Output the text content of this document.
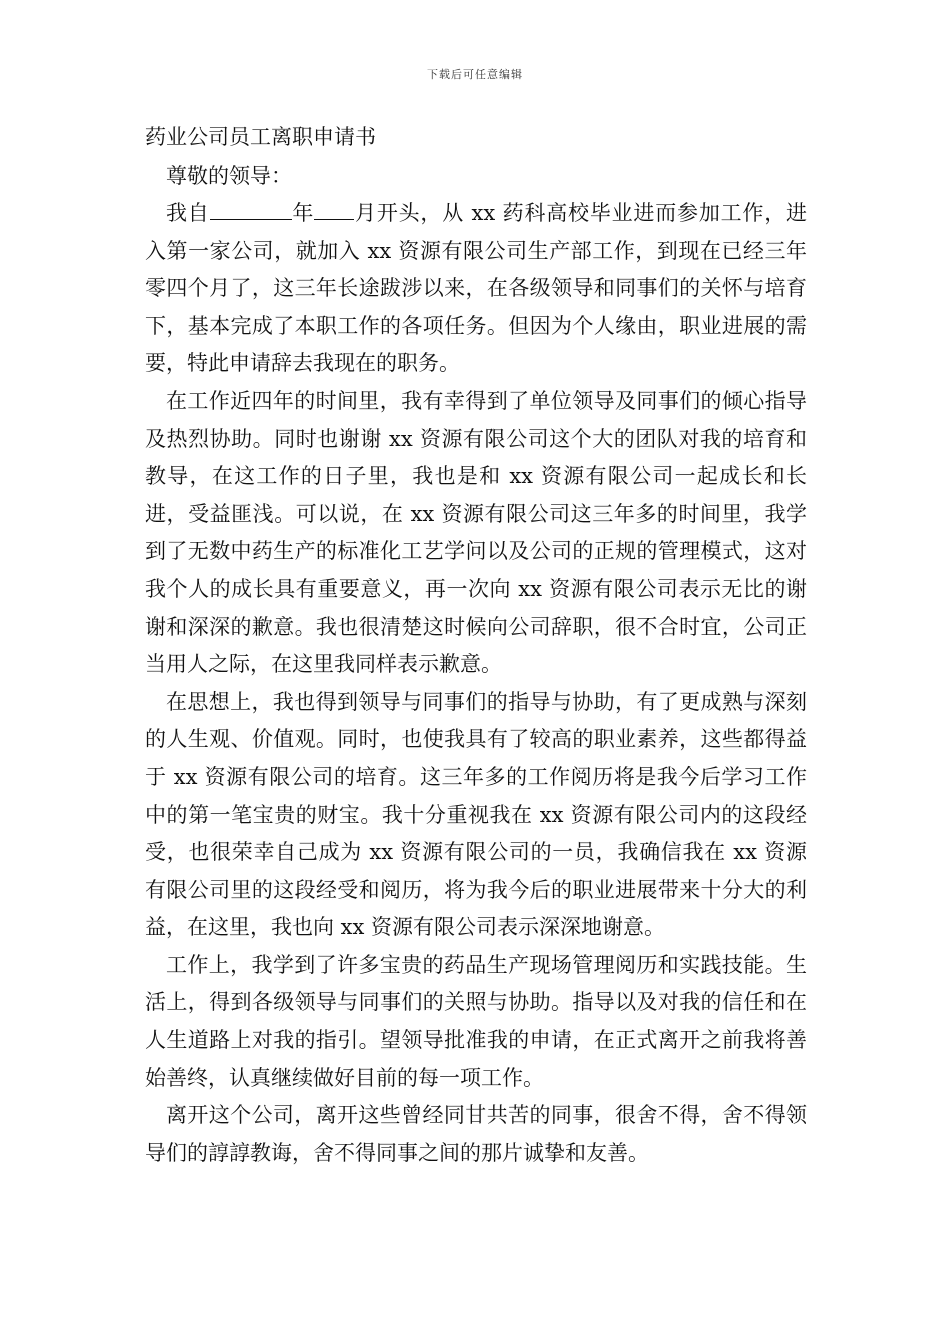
下载后可任意编辑

药业公司员工离职申请书

尊敬的领导：

我自	年 月开头，从 xx 药科高校毕业进而参加工作，进入第一家公司，就加入 xx 资源有限公司生产部工作，到现在已经三年零四个月了，这三年长途跋涉以来，在各级领导和同事们的关怀与培育下，基本完成了本职工作的各项任务。但因为个人缘由，职业进展的需要，特此申请辞去我现在的职务。

在工作近四年的时间里，我有幸得到了单位领导及同事们的倾心指导及热烈协助。同时也谢谢 xx 资源有限公司这个大的团队对我的培育和教导，在这工作的日子里，我也是和 xx 资源有限公司一起成长和长进，受益匪浅。可以说，在 xx 资源有限公司这三年多的时间里，我学到了无数中药生产的标准化工艺学问以及公司的正规的管理模式，这对我个人的成长具有重要意义，再一次向 xx 资源有限公司表示无比的谢谢和深深的歉意。我也很清楚这时候向公司辞职，很不合时宜，公司正当用人之际，在这里我同样表示歉意。

在思想上，我也得到领导与同事们的指导与协助，有了更成熟与深刻的人生观、价值观。同时，也使我具有了较高的职业素养，这些都得益于 xx 资源有限公司的培育。这三年多的工作阅历将是我今后学习工作中的第一笔宝贵的财宝。我十分重视我在 xx 资源有限公司内的这段经受，也很荣幸自己成为 xx 资源有限公司的一员，我确信我在 xx 资源有限公司里的这段经受和阅历，将为我今后的职业进展带来十分大的利益，在这里，我也向 xx 资源有限公司表示深深地谢意。

工作上，我学到了许多宝贵的药品生产现场管理阅历和实践技能。生活上，得到各级领导与同事们的关照与协助。指导以及对我的信任和在人生道路上对我的指引。望领导批准我的申请，在正式离开之前我将善始善终，认真继续做好目前的每一项工作。

离开这个公司，离开这些曾经同甘共苦的同事，很舍不得，舍不得领导们的諄諄教诲，舍不得同事之间的那片诚挚和友善。
